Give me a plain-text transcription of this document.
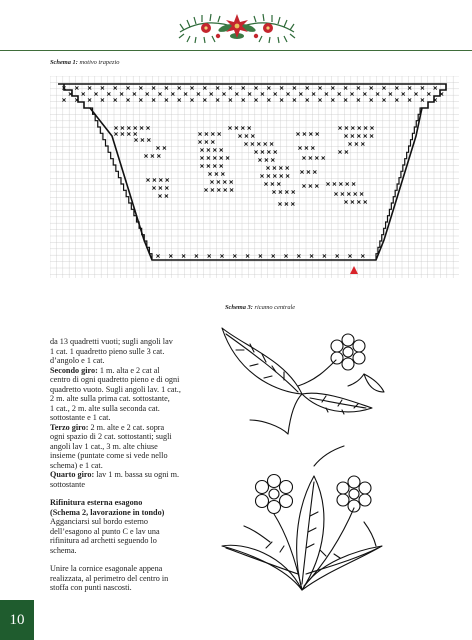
Schema 1: motivo trapezio
Schema 3: ricamo centrale

da 13 quadretti vuoti; sugli angoli lav

1 cat. 1 quadretto pieno sulle 3 cat.

d’angolo e 1 cat.

Secondo giro: 1 m. alta e 2 cat al

centro di ogni quadretto pieno e di ogni

quadretto vuoto. Sugli angoli lav. 1 cat.,

2 m. alte sulla prima cat. sottostante,

1 cat., 2 m. alte sulla seconda cat.

sottostante e 1 cat.

Terzo giro: 2 m. alte e 2 cat. sopra

ogni spazio di 2 cat. sottostanti; sugli

angoli lav 1 cat., 3 m. alte chiuse

insieme (puntate come si vede nello

schema) e 1 cat.

Quarto giro: lav 1 m. bassa su ogni m.

sottostante

Rifinitura esterna esagono

(Schema 2, lavorazione in tondo)

Agganciarsi sul bordo esterno

dell’esagono al punto C e lav una

rifinitura ad archetti seguendo lo

schema.

Unire la cornice esagonale appena

realizzata, al perimetro del centro in

stoffa con punti nascosti.

10
